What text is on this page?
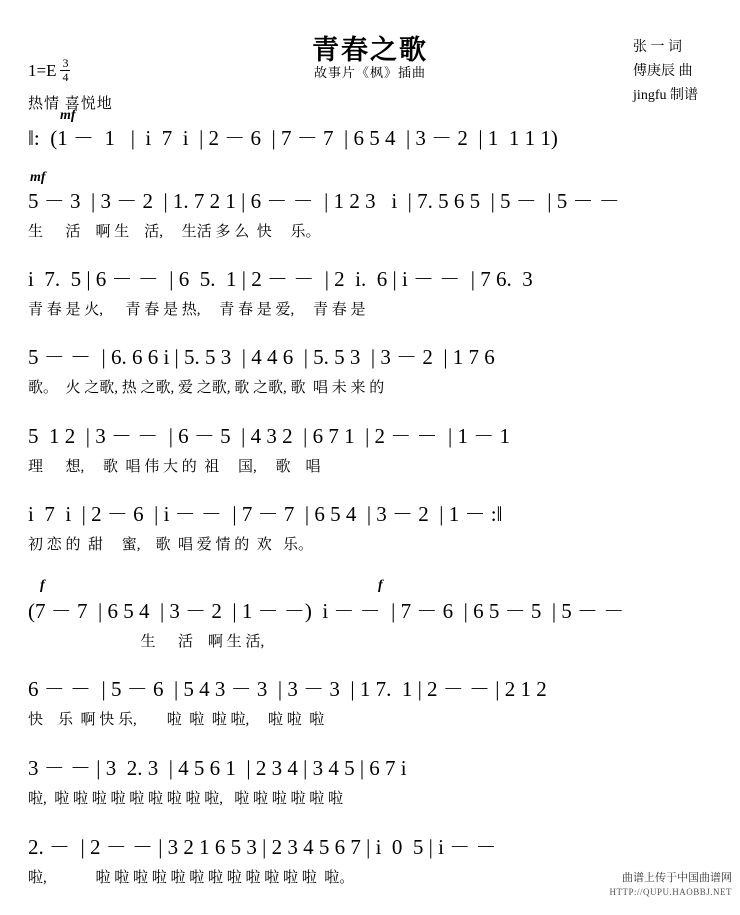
青春之歌
故事片《枫》插曲
$1=E \frac{3}{4}$
热情 喜悦地
张 一 词
傅庚辰 曲
jingfu 制谱
mf
‖:  (1 －  1   |  i  7  i  | 2 － 6  | 7 － 7  | 6 5 4  | 3 － 2  | 1  1 1 1)
mf
5 － 3  | 3 － 2  | 1. 7 2 1 | 6 － －  | 1 2 3   i  | 7. 5 6 5  | 5 －  | 5 － －
生      活    啊 生    活,     生活 多 么  快     乐。
i  7.  5 | 6 － －  | 6  5.  1 | 2 － －  | 2  i.  6 | i － －  | 7 6.  3
青 春 是 火,      青 春 是 热,     青 春 是 爱,     青 春 是
5 － －  | 6. 6 6 i | 5. 5 3  | 4 4 6  | 5. 5 3  | 3 － 2  | 1 7 6
歌。  火 之歌, 热 之歌, 爱 之歌, 歌 之歌, 歌  唱 未 来 的
5  1 2  | 3 － －  | 6 － 5  | 4 3 2  | 6 7 1  | 2 － －  | 1 － 1
理      想,     歌  唱 伟 大 的  祖     国,     歌    唱
i  7  i  | 2 － 6  | i － －  | 7 － 7  | 6 5 4  | 3 － 2  | 1 － :‖
初 恋 的  甜     蜜,    歌  唱 爱 情 的  欢   乐。
f	f
(7 － 7  | 6 5 4  | 3 － 2  | 1 － －)  i － －  | 7 － 6  | 6 5 － 5  | 5 － －
生      活    啊 生 活,
6 － －  | 5 － 6  | 5 4 3 － 3  | 3 － 3  | 1 7.  1 | 2 － － | 2 1 2
快    乐  啊 快 乐,        啦  啦  啦 啦,     啦 啦  啦
3 － － | 3  2. 3  | 4 5 6 1  | 2 3 4 | 3 4 5 | 6 7 i
啦,  啦 啦 啦 啦 啦 啦 啦 啦 啦,   啦 啦 啦 啦 啦 啦
2. －  | 2 － － | 3 2 1 6 5 3 | 2 3 4 5 6 7 | i  0  5 | i － －
啦,             啦 啦 啦 啦 啦 啦 啦 啦 啦 啦 啦 啦  啦。	曲谱上传于中国曲谱网
HTTP://QUPU.HAOBBJ.NET
